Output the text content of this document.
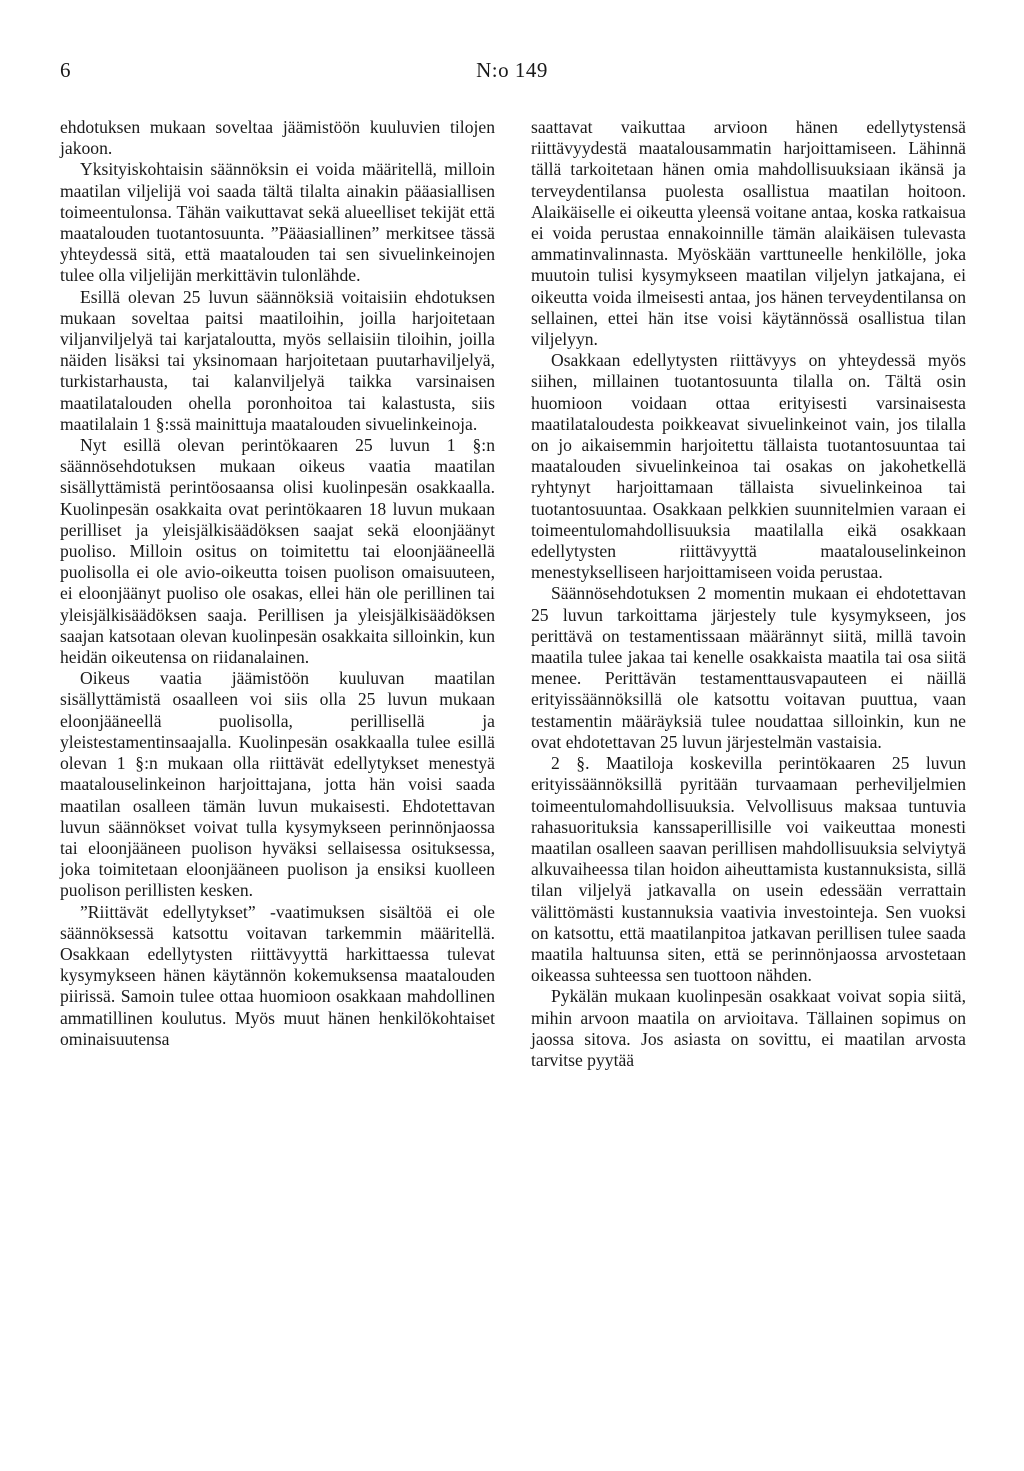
6	N:o 149

ehdotuksen mukaan soveltaa jäämistöön kuuluvien tilojen jakoon.

Yksityiskohtaisin säännöksin ei voida määritellä, milloin maatilan viljelijä voi saada tältä tilalta ainakin pääasiallisen toimeentulonsa. Tähän vaikuttavat sekä alueelliset tekijät että maatalouden tuotantosuunta. ”Pääasiallinen” merkitsee tässä yhteydessä sitä, että maatalouden tai sen sivuelinkeinojen tulee olla viljelijän merkittävin tulonlähde.

Esillä olevan 25 luvun säännöksiä voitaisiin ehdotuksen mukaan soveltaa paitsi maatiloihin, joilla harjoitetaan viljanviljelyä tai karjataloutta, myös sellaisiin tiloihin, joilla näiden lisäksi tai yksinomaan harjoitetaan puutarhaviljelyä, turkistarhausta, tai kalanviljelyä taikka varsinaisen maatilatalouden ohella poronhoitoa tai kalastusta, siis maatilalain 1 §:ssä mainittuja maatalouden sivuelinkeinoja.

Nyt esillä olevan perintökaaren 25 luvun 1 §:n säännösehdotuksen mukaan oikeus vaatia maatilan sisällyttämistä perintöosaansa olisi kuolinpesän osakkaalla. Kuolinpesän osakkaita ovat perintökaaren 18 luvun mukaan perilliset ja yleisjälkisäädöksen saajat sekä eloonjäänyt puoliso. Milloin ositus on toimitettu tai eloonjääneellä puolisolla ei ole avio-oikeutta toisen puolison omaisuuteen, ei eloonjäänyt puoliso ole osakas, ellei hän ole perillinen tai yleisjälkisäädöksen saaja. Perillisen ja yleisjälkisäädöksen saajan katsotaan olevan kuolinpesän osakkaita silloinkin, kun heidän oikeutensa on riidanalainen.

Oikeus vaatia jäämistöön kuuluvan maatilan sisällyttämistä osaalleen voi siis olla 25 luvun mukaan eloonjääneellä puolisolla, perillisellä ja yleistestamentinsaajalla. Kuolinpesän osakkaalla tulee esillä olevan 1 §:n mukaan olla riittävät edellytykset menestyä maatalouselinkeinon harjoittajana, jotta hän voisi saada maatilan osalleen tämän luvun mukaisesti. Ehdotettavan luvun säännökset voivat tulla kysymykseen perinnönjaossa tai eloonjääneen puolison hyväksi sellaisessa osituksessa, joka toimitetaan eloonjääneen puolison ja ensiksi kuolleen puolison perillisten kesken.

”Riittävät edellytykset” -vaatimuksen sisältöä ei ole säännöksessä katsottu voitavan tarkemmin määritellä. Osakkaan edellytysten riittävyyttä harkittaessa tulevat kysymykseen hänen käytännön kokemuksensa maatalouden piirissä. Samoin tulee ottaa huomioon osakkaan mahdollinen ammatillinen koulutus. Myös muut hänen henkilökohtaiset ominaisuutensa

saattavat vaikuttaa arvioon hänen edellytystensä riittävyydestä maatalousammatin harjoittamiseen. Lähinnä tällä tarkoitetaan hänen omia mahdollisuuksiaan ikänsä ja terveydentilansa puolesta osallistua maatilan hoitoon. Alaikäiselle ei oikeutta yleensä voitane antaa, koska ratkaisua ei voida perustaa ennakoinnille tämän alaikäisen tulevasta ammatinvalinnasta. Myöskään varttuneelle henkilölle, joka muutoin tulisi kysymykseen maatilan viljelyn jatkajana, ei oikeutta voida ilmeisesti antaa, jos hänen terveydentilansa on sellainen, ettei hän itse voisi käytännössä osallistua tilan viljelyyn.

Osakkaan edellytysten riittävyys on yhteydessä myös siihen, millainen tuotantosuunta tilalla on. Tältä osin huomioon voidaan ottaa erityisesti varsinaisesta maatilataloudesta poikkeavat sivuelinkeinot vain, jos tilalla on jo aikaisemmin harjoitettu tällaista tuotantosuuntaa tai maatalouden sivuelinkeinoa tai osakas on jakohetkellä ryhtynyt harjoittamaan tällaista sivuelinkeinoa tai tuotantosuuntaa. Osakkaan pelkkien suunnitelmien varaan ei toimeentulomahdollisuuksia maatilalla eikä osakkaan edellytysten riittävyyttä maatalouselinkeinon menestykselliseen harjoittamiseen voida perustaa.

Säännösehdotuksen 2 momentin mukaan ei ehdotettavan 25 luvun tarkoittama järjestely tule kysymykseen, jos perittävä on testamentissaan määrännyt siitä, millä tavoin maatila tulee jakaa tai kenelle osakkaista maatila tai osa siitä menee. Perittävän testamenttausvapauteen ei näillä erityissäännöksillä ole katsottu voitavan puuttua, vaan testamentin määräyksiä tulee noudattaa silloinkin, kun ne ovat ehdotettavan 25 luvun järjestelmän vastaisia.

2 §. Maatiloja koskevilla perintökaaren 25 luvun erityissäännöksillä pyritään turvaamaan perheviljelmien toimeentulomahdollisuuksia. Velvollisuus maksaa tuntuvia rahasuorituksia kanssaperillisille voi vaikeuttaa monesti maatilan osalleen saavan perillisen mahdollisuuksia selviytyä alkuvaiheessa tilan hoidon aiheuttamista kustannuksista, sillä tilan viljelyä jatkavalla on usein edessään verrattain välittömästi kustannuksia vaativia investointeja. Sen vuoksi on katsottu, että maatilanpitoa jatkavan perillisen tulee saada maatila haltuunsa siten, että se perinnönjaossa arvostetaan oikeassa suhteessa sen tuottoon nähden.

Pykälän mukaan kuolinpesän osakkaat voivat sopia siitä, mihin arvoon maatila on arvioitava. Tällainen sopimus on jaossa sitova. Jos asiasta on sovittu, ei maatilan arvosta tarvitse pyytää
